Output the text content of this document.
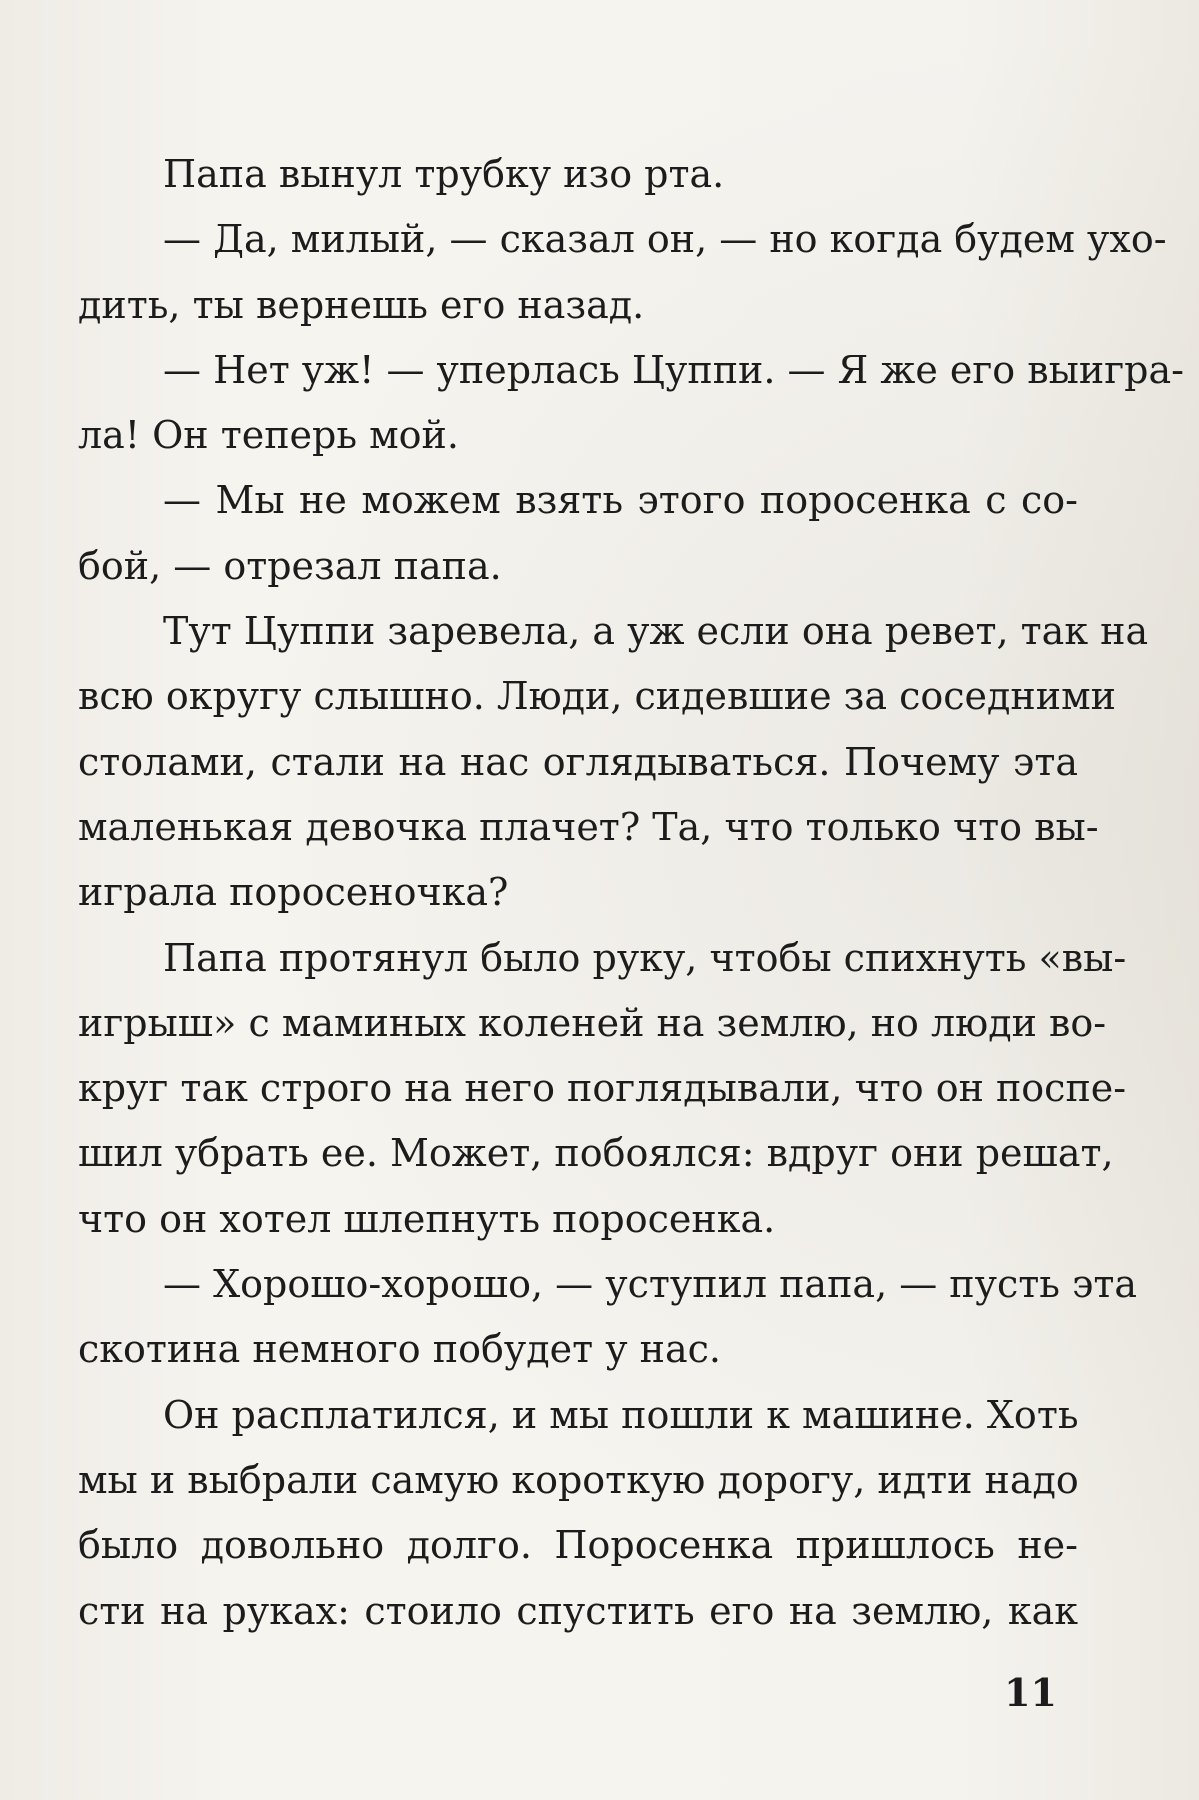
Папа вынул трубку изо рта.
— Да, милый, — сказал он, — но когда будем ухо-
дить, ты вернешь его назад.
— Нет уж! — уперлась Цуппи. — Я же его выигра-
ла! Он теперь мой.
— Мы не можем взять этого поросенка с со-
бой, — отрезал папа.
Тут Цуппи заревела, а уж если она ревет, так на
всю округу слышно. Люди, сидевшие за соседними
столами, стали на нас оглядываться. Почему эта
маленькая девочка плачет? Та, что только что вы-
играла поросеночка?
Папа протянул было руку, чтобы спихнуть «вы-
игрыш» с маминых коленей на землю, но люди во-
круг так строго на него поглядывали, что он поспе-
шил убрать ее. Может, побоялся: вдруг они решат,
что он хотел шлепнуть поросенка.
— Хорошо-хорошо, — уступил папа, — пусть эта
скотина немного побудет у нас.
Он расплатился, и мы пошли к машине. Хоть
мы и выбрали самую короткую дорогу, идти надо
было довольно долго. Поросенка пришлось не-
сти на руках: стоило спустить его на землю, как
11
